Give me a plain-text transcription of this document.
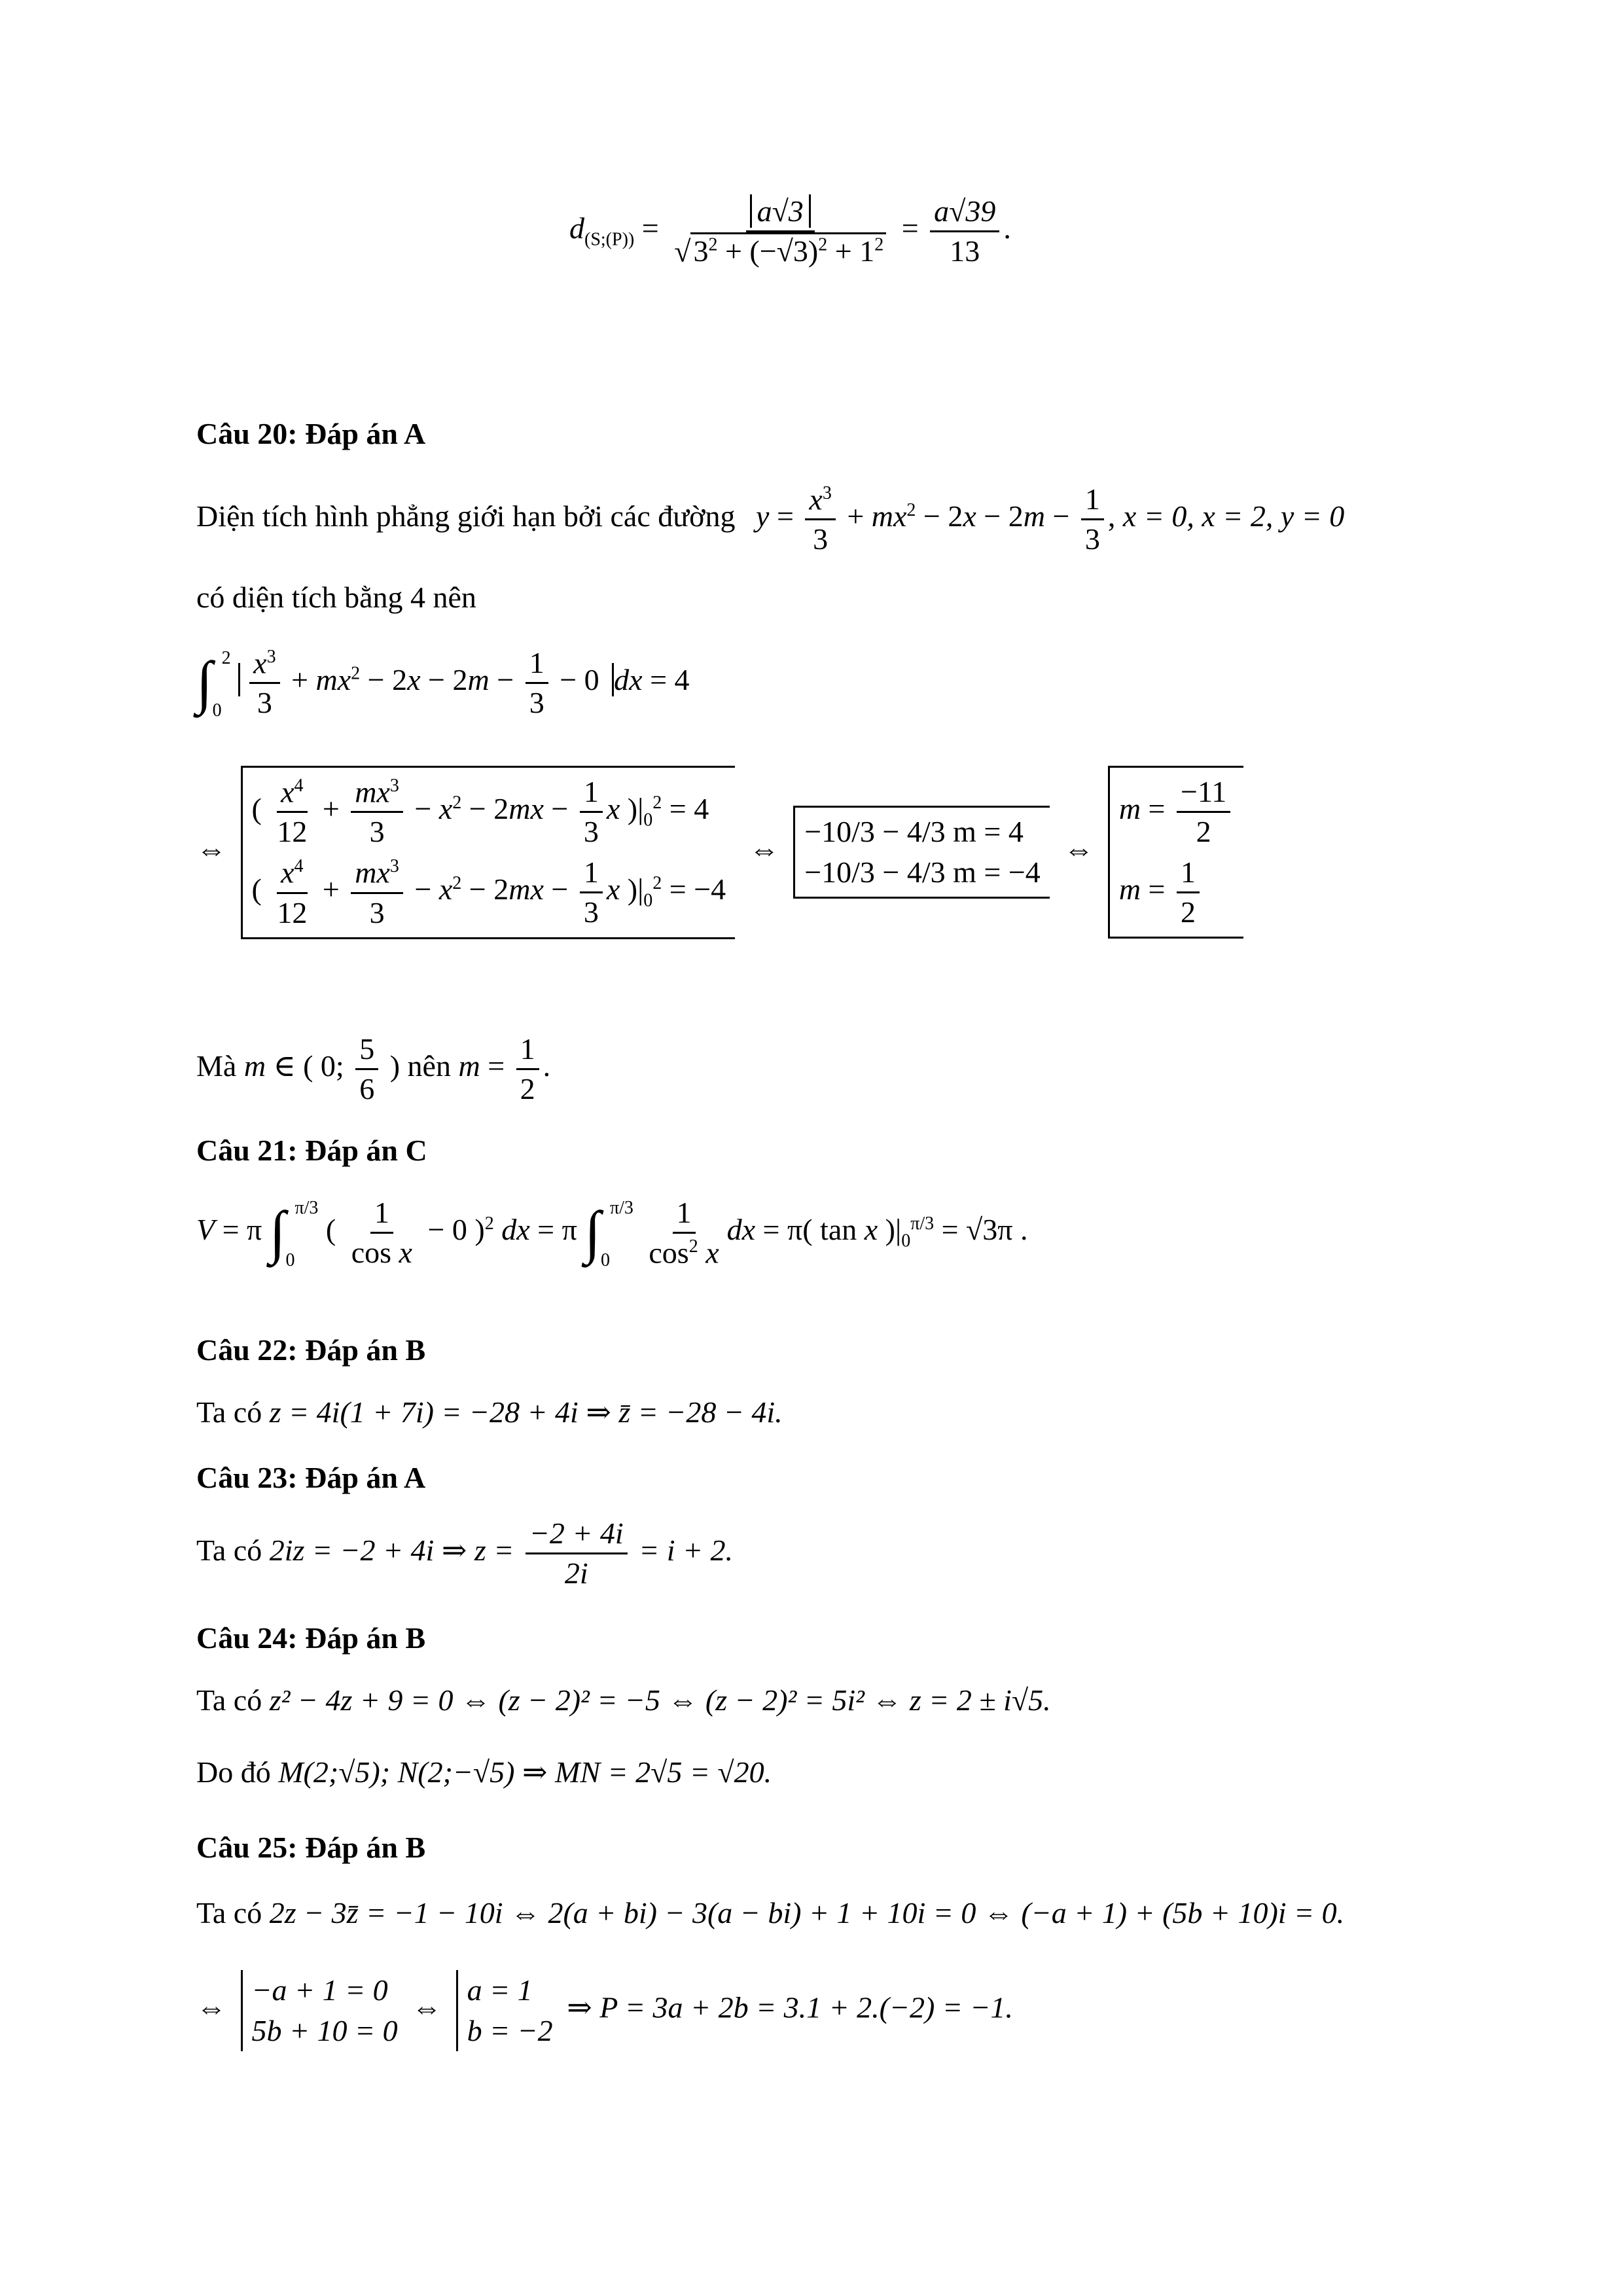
$d_{(S;(P))} = \frac{a√3}{√3^2 + (-√3)^2 + 1^2} = \frac{a√39}{13}$ .
Câu 20: Đáp án A
Diện tích hình phẳng giới hạn bởi các đường $y = \frac{x^3}{3} + mx^2 - 2x - 2m - \frac{1}{3}$ , x = 0, x = 2, y = 0
có diện tích bằng 4 nên
$\int_0^2 \frac{x^3}{3} + mx^2 - 2x - 2m - \frac{1}{3} - 0$ dx = 4
⇔
( $\frac{x^4}{12} + \frac{mx^3}{3} - x^2 - 2mx - \frac{1}{3}$ x )$|_0^2 = 4$
( $\frac{x^4}{12} + \frac{mx^3}{3} - x^2 - 2mx - \frac{1}{3}$ x )$|_0^2 = -4$
⇔
−10/3 − 4/3 m = 4
−10/3 − 4/3 m = −4
⇔
$m = \frac{-11}{2}$
$m = \frac{1}{2}$
Mà m ∈ ( 0; $\frac{5}{6}$ ) nên $m = \frac{1}{2}$ .
Câu 21: Đáp án C
V = π $\int_0^{\pi/3}$ ( $\frac{1}{\text{cos x}} - 0$ )$^2$ dx = π $\int_0^{\pi/3} \frac{1}{\cos^2 x}$ dx = π( tan x )$|_0^{\pi/3} = √3\pi$ .
Câu 22: Đáp án B
Ta có z = 4i(1 + 7i) = −28 + 4i ⇒ z̄ = −28 − 4i.
Câu 23: Đáp án A
Ta có 2iz = −2 + 4i ⇒ $z = \frac{-2 + 4i}{2i} = i + 2$.
Câu 24: Đáp án B
Ta có z² − 4z + 9 = 0 ⇔ (z − 2)² = −5 ⇔ (z − 2)² = 5i² ⇔ z = 2 ± i√5.
Do đó M(2;√5); N(2;−√5) ⇒ MN = 2√5 = √20.
Câu 25: Đáp án B
Ta có 2z − 3z̄ = −1 − 10i ⇔ 2(a + bi) − 3(a − bi) + 1 + 10i = 0 ⇔ (−a + 1) + (5b + 10)i = 0.
⇔
−a + 1 = 0
5b + 10 = 0
⇔
a = 1
b = −2
⇒ P = 3a + 2b = 3.1 + 2.(−2) = −1.
